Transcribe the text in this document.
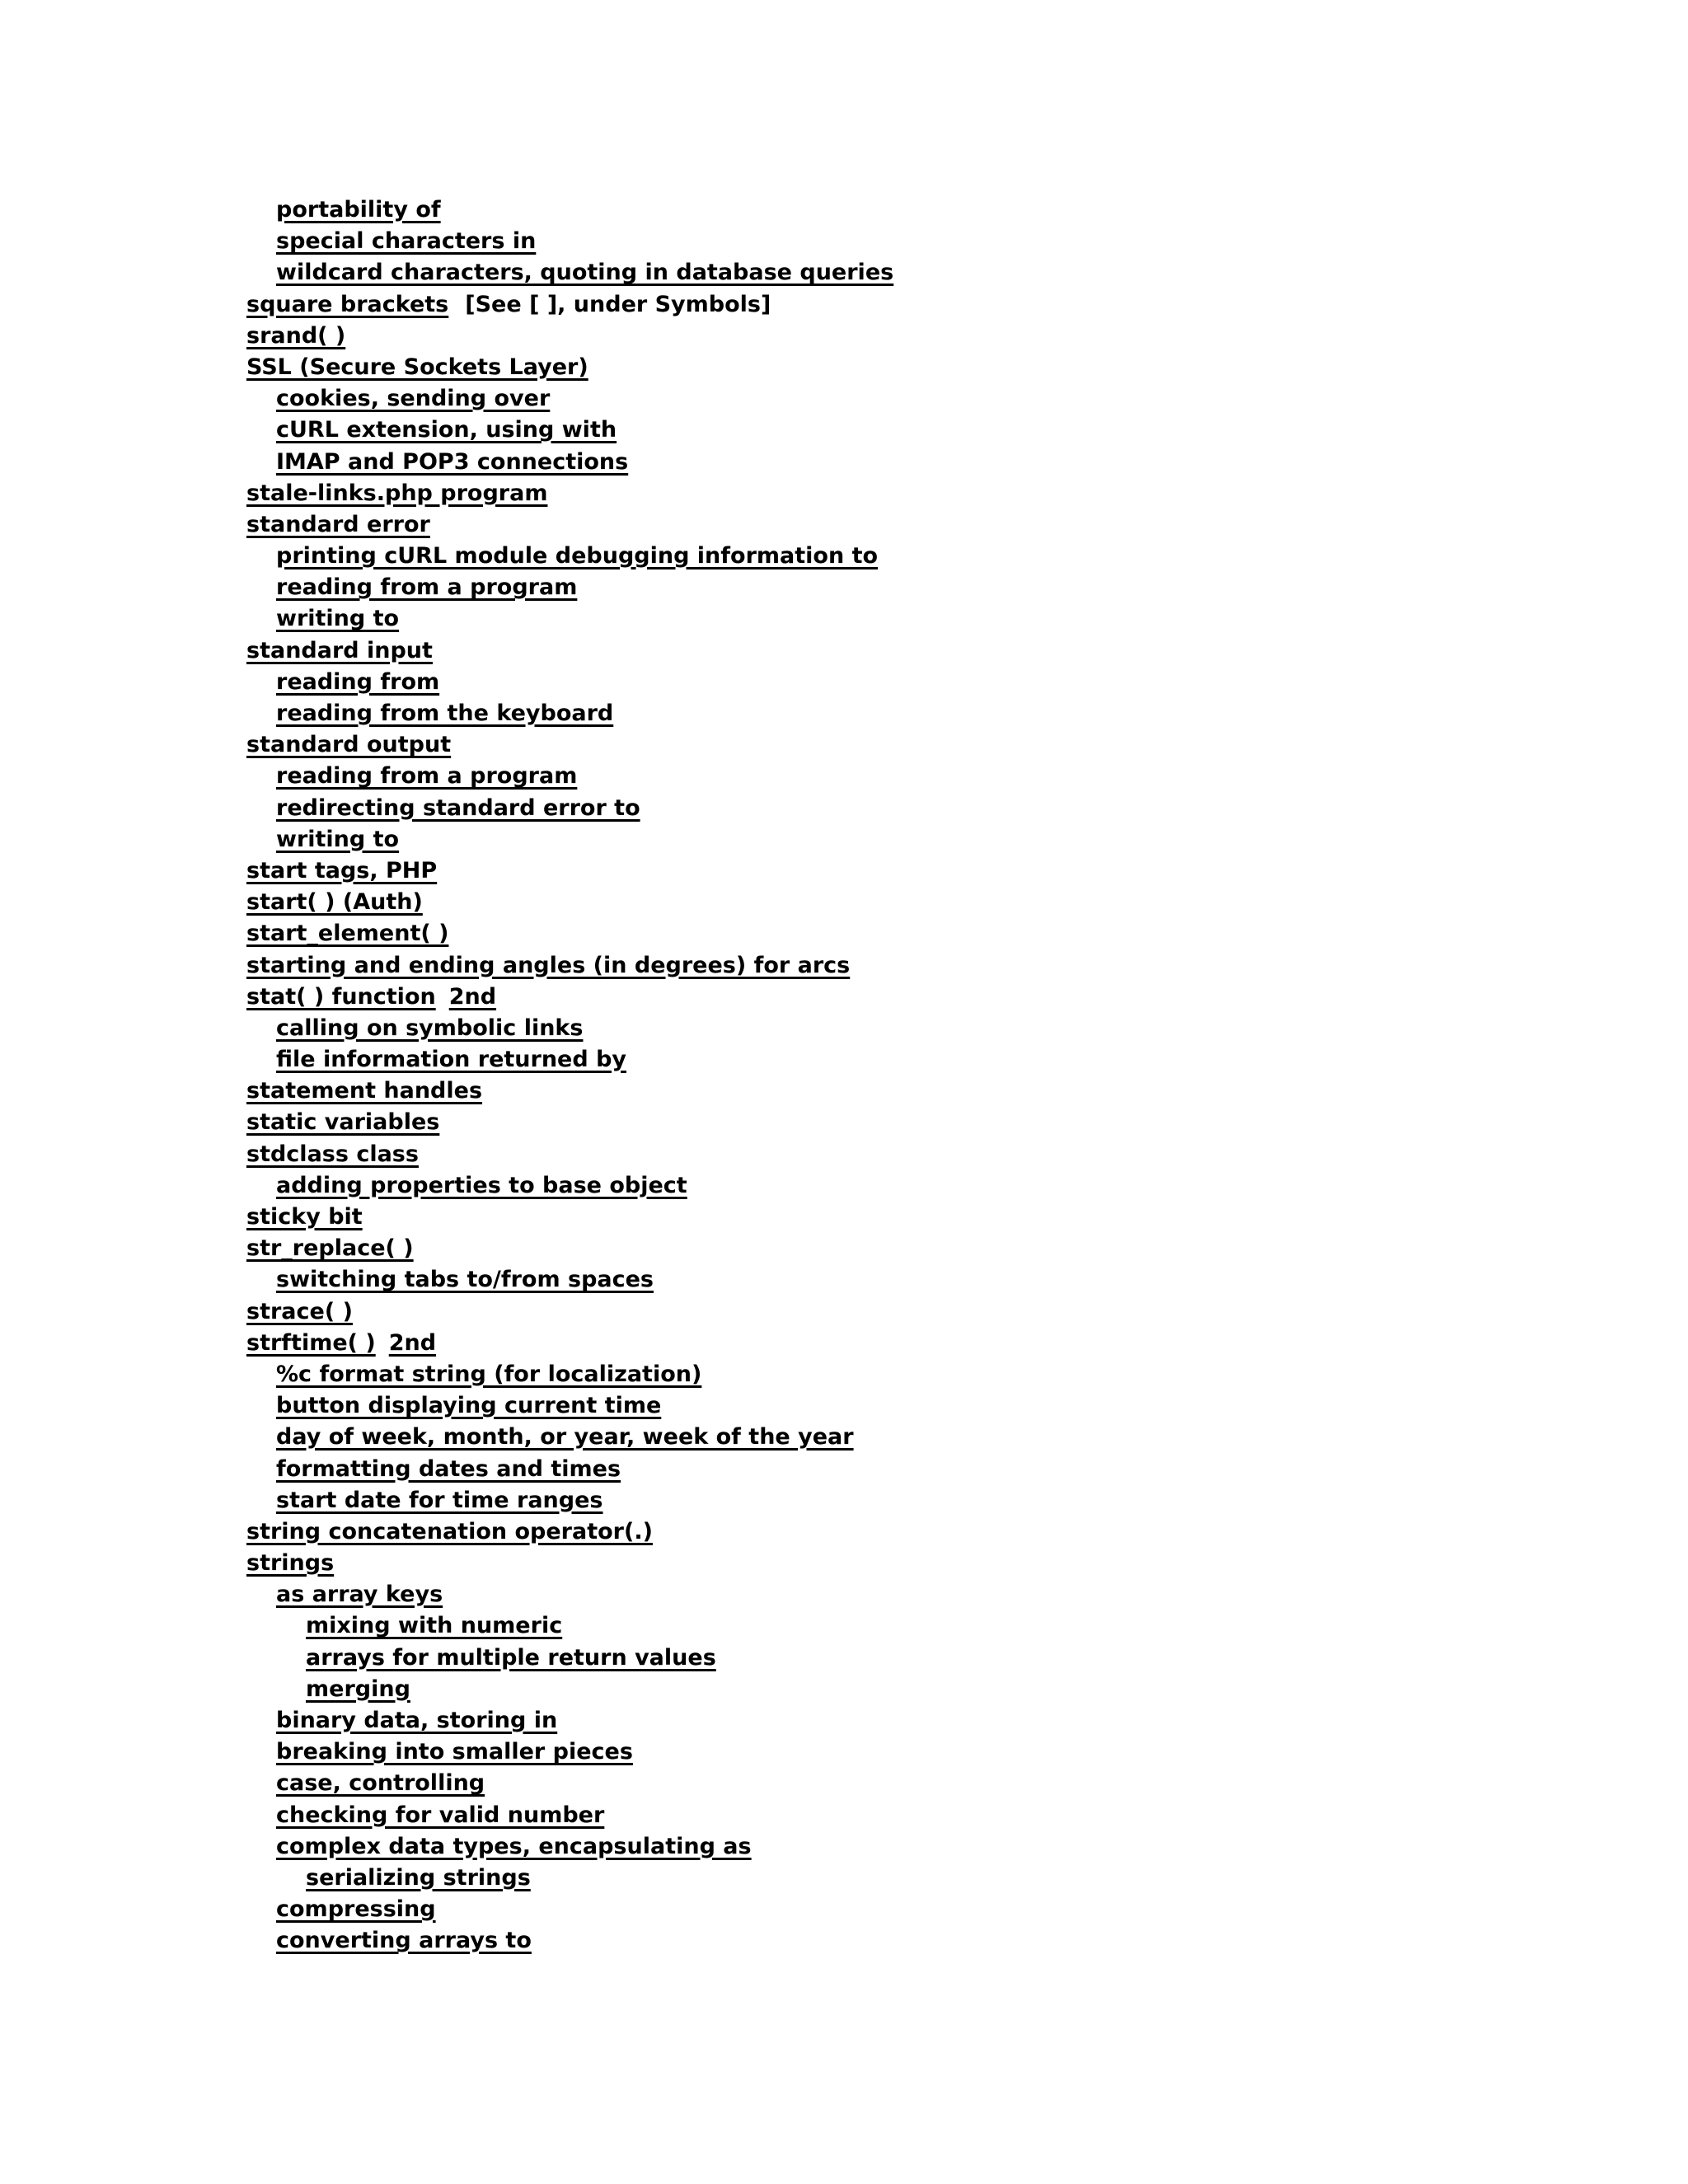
portability of
special characters in
wildcard characters, quoting in database queries
square brackets [See [ ], under Symbols]
srand( )
SSL (Secure Sockets Layer)
cookies, sending over
cURL extension, using with
IMAP and POP3 connections
stale-links.php program
standard error
printing cURL module debugging information to
reading from a program
writing to
standard input
reading from
reading from the keyboard
standard output
reading from a program
redirecting standard error to
writing to
start tags, PHP
start( ) (Auth)
start_element( )
starting and ending angles (in degrees) for arcs
stat( ) function 2nd
calling on symbolic links
file information returned by
statement handles
static variables
stdclass class
adding properties to base object
sticky bit
str_replace( )
switching tabs to/from spaces
strace( )
strftime( ) 2nd
%c format string (for localization)
button displaying current time
day of week, month, or year, week of the year
formatting dates and times
start date for time ranges
string concatenation operator(.)
strings
as array keys
mixing with numeric
arrays for multiple return values
merging
binary data, storing in
breaking into smaller pieces
case, controlling
checking for valid number
complex data types, encapsulating as
serializing strings
compressing
converting arrays to
